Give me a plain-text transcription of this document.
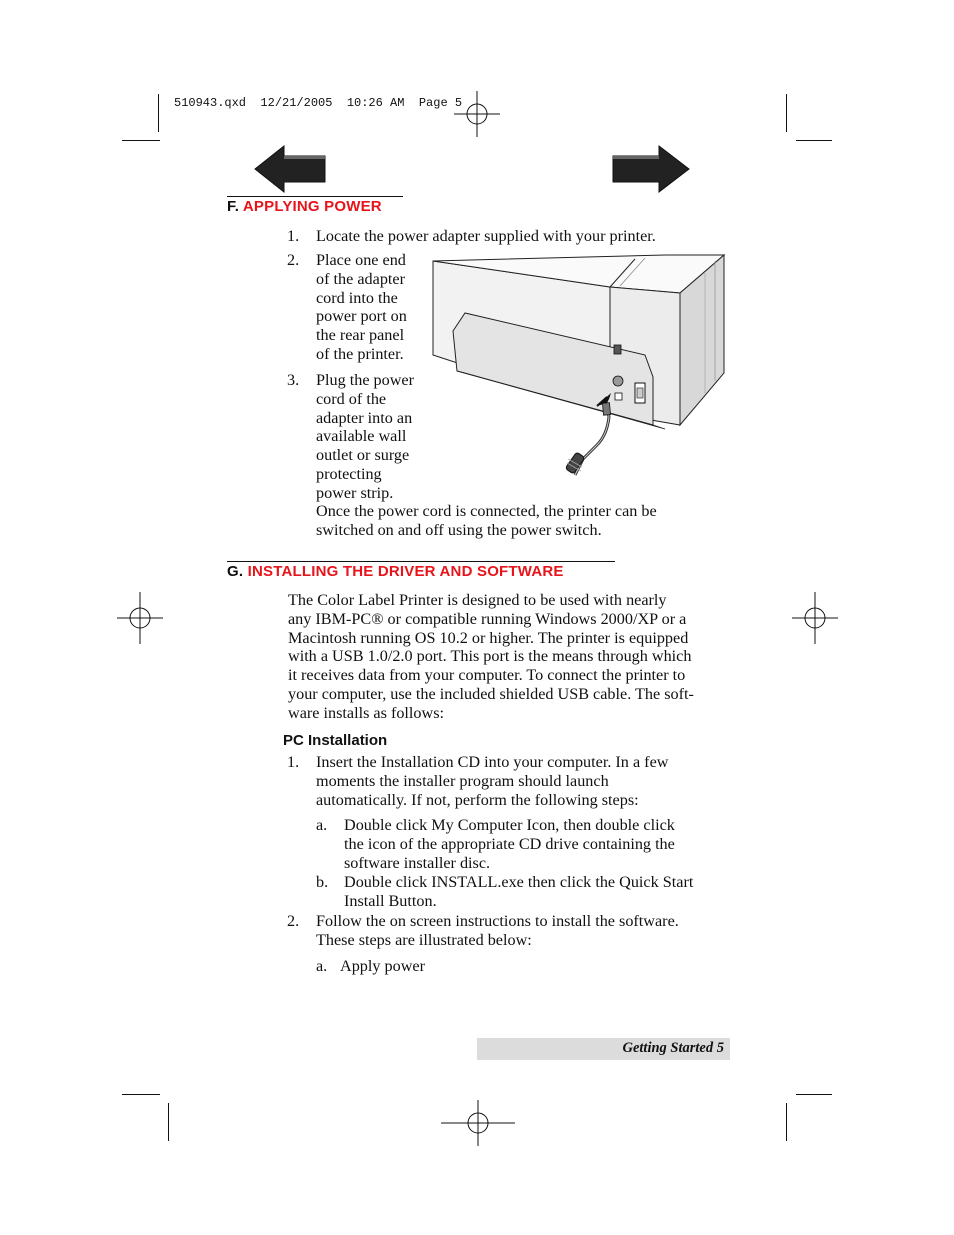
510943.qxd  12/21/2005  10:26 AM  Page 5
F. APPLYING POWER
1. Locate the power adapter supplied with your printer.
2. Place one end
of the adapter
cord into the
power port on
the rear panel
of the printer.
3. Plug the power
cord of the
adapter into an
available wall
outlet or surge
protecting
power strip.
Once the power cord is connected, the printer can be
switched on and off using the power switch.
G. INSTALLING THE DRIVER AND SOFTWARE
The Color Label Printer is designed to be used with nearly
any IBM-PC® or compatible running Windows 2000/XP or a
Macintosh running OS 10.2 or higher. The printer is equipped
with a USB 1.0/2.0 port. This port is the means through which
it receives data from your computer. To connect the printer to
your computer, use the included shielded USB cable. The soft-
ware installs as follows:
PC Installation
1. Insert the Installation CD into your computer. In a few
moments the installer program should launch
automatically. If not, perform the following steps:
a. Double click My Computer Icon, then double click
the icon of the appropriate CD drive containing the
software installer disc.
b. Double click INSTALL.exe then click the Quick Start
Install Button.
2. Follow the on screen instructions to install the software.
These steps are illustrated below:
a. Apply power
Getting Started 5
